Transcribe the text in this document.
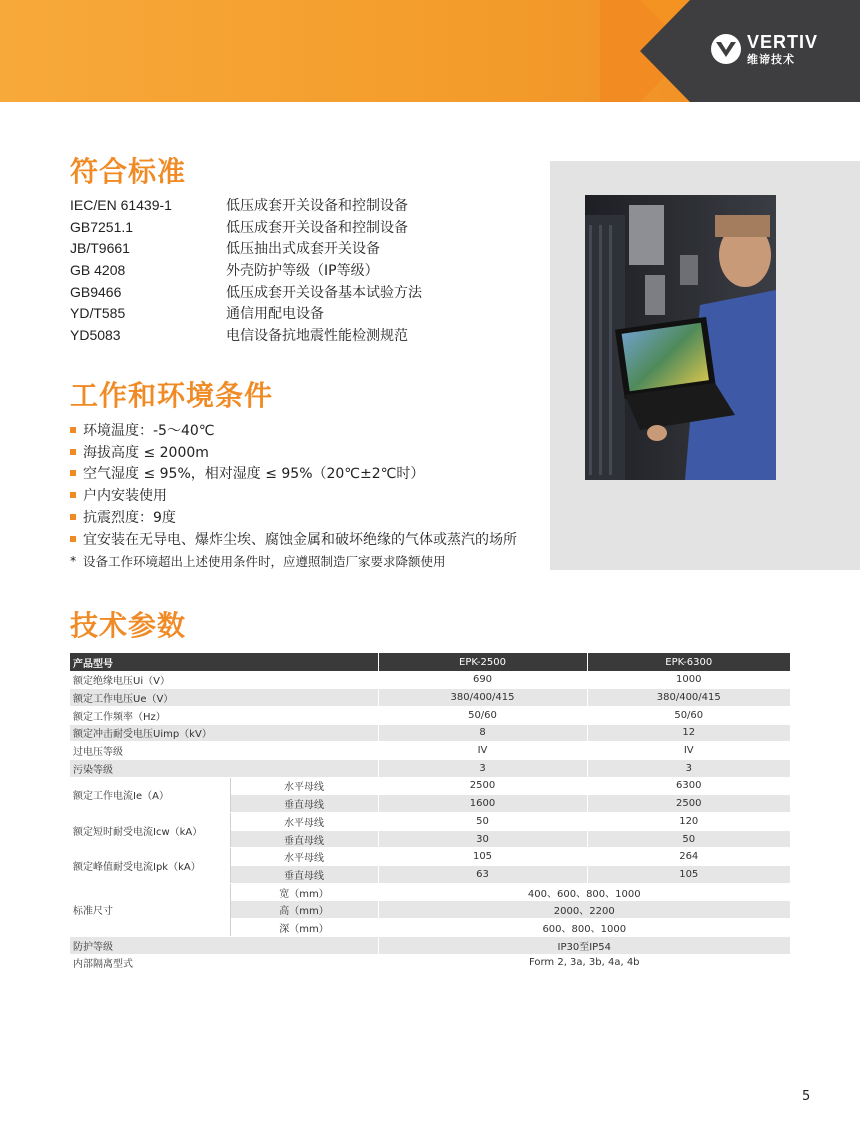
VERTIV
维谛技术
符合标准
IEC/EN 61439-1	低压成套开关设备和控制设备
GB7251.1	低压成套开关设备和控制设备
JB/T9661	低压抽出式成套开关设备
GB 4208	外壳防护等级（IP等级）
GB9466	低压成套开关设备基本试验方法
YD/T585	通信用配电设备
YD5083	电信设备抗地震性能检测规范
工作和环境条件
环境温度：-5～40℃
海拔高度 ≤ 2000m
空气湿度 ≤ 95%，相对湿度 ≤ 95%（20℃±2℃时）
户内安装使用
抗震烈度：9度
宜安装在无导电、爆炸尘埃、腐蚀金属和破坏绝缘的气体或蒸汽的场所
* 设备工作环境超出上述使用条件时，应遵照制造厂家要求降额使用
技术参数
产品型号		EPK-2500	EPK-6300
额定绝缘电压Ui（V）		690	1000
额定工作电压Ue（V）		380/400/415	380/400/415
额定工作频率（Hz）		50/60	50/60
额定冲击耐受电压Uimp（kV）		8	12
过电压等级		IV	IV
污染等级		3	3
额定工作电流Ie（A）	水平母线	2500	6300
	垂直母线	1600	2500
额定短时耐受电流Icw（kA）	水平母线	50	120
	垂直母线	30	50
额定峰值耐受电流Ipk（kA）	水平母线	105	264
	垂直母线	63	105
标准尺寸	宽（mm）	400、600、800、1000	
	高（mm）	2000、2200	
	深（mm）	600、800、1000	
防护等级		IP30至IP54	
内部隔离型式		Form 2, 3a, 3b, 4a, 4b	
5
